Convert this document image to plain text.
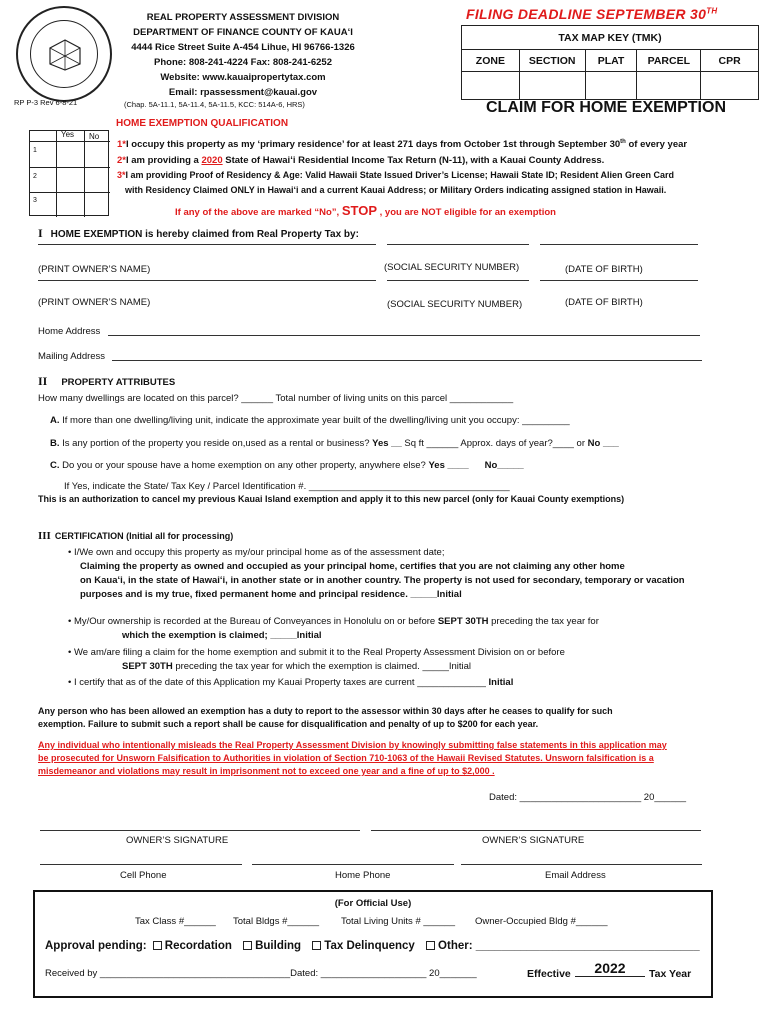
REAL PROPERTY ASSESSMENT DIVISION
DEPARTMENT OF FINANCE COUNTY OF KAUAʻI
4444 Rice Street Suite A-454 Lihue, HI 96766-1326
Phone: 808-241-4224 Fax: 808-241-6252
Website: www.kauaipropertytax.com
Email: rpassessment@kauai.gov
RP P-3 Rev 6-8-21	(Chap. 5A-11.1, 5A-11.4, 5A-11.5, KCC: 514A-6, HRS)
FILING DEADLINE SEPTEMBER 30TH
TAX MAP KEY (TMK)				
ZONE	SECTION	PLAT	PARCEL	CPR

CLAIM FOR HOME EXEMPTION
HOME EXEMPTION QUALIFICATION
Yes No
1
2
3
1*I occupy this property as my ‘primary residence’ for at least 271 days from October 1st through September 30th of every year
2*I am providing a 2020 State of Hawaiʻi Residential Income Tax Return (N-11), with a Kauai County Address.
3*I am providing Proof of Residency & Age: Valid Hawaii State Issued Driver’s License; Hawaii State ID; Resident Alien Green Card
with Residency Claimed ONLY in Hawaiʻi and a current Kauai Address; or Military Orders indicating assigned station in Hawaii.
If any of the above are marked “No”, STOP , you are NOT eligible for an exemption
I HOME EXEMPTION is hereby claimed from Real Property Tax by:
(PRINT OWNER’S NAME)	(SOCIAL SECURITY NUMBER)	(DATE OF BIRTH)
(PRINT OWNER’S NAME)	(SOCIAL SECURITY NUMBER)	(DATE OF BIRTH)
Home Address
Mailing Address
II PROPERTY ATTRIBUTES
How many dwellings are located on this parcel? ______ Total number of living units on this parcel ____________
A. If more than one dwelling/living unit, indicate the approximate year built of the dwelling/living unit you occupy: _________
B. Is any portion of the property you reside on,used as a rental or business? Yes __ Sq ft ______ Approx. days of year?____ or No ___
C. Do you or your spouse have a home exemption on any other property, anywhere else? Yes ____ No_____
If Yes, indicate the State/ Tax Key / Parcel Identification #. ______________________________________
This is an authorization to cancel my previous Kauai Island exemption and apply it to this new parcel (only for Kauai County exemptions)
III CERTIFICATION (Initial all for processing)
• I/We own and occupy this property as my/our principal home as of the assessment date;
Claiming the property as owned and occupied as your principal home, certifies that you are not claiming any other home
on Kauaʻi, in the state of Hawaiʻi, in another state or in another country. The property is not used for secondary, temporary or vacation
purposes and is my true, fixed permanent home and principal residence. _____Initial
• My/Our ownership is recorded at the Bureau of Conveyances in Honolulu on or before SEPT 30TH preceding the tax year for
which the exemption is claimed; _____Initial
• We am/are filing a claim for the home exemption and submit it to the Real Property Assessment Division on or before
SEPT 30TH preceding the tax year for which the exemption is claimed. _____Initial
• I certify that as of the date of this Application my Kauai Property taxes are current _____________ Initial
Any person who has been allowed an exemption has a duty to report to the assessor within 30 days after he ceases to qualify for such
exemption. Failure to submit such a report shall be cause for disqualification and penalty of up to $200 for each year.
Any individual who intentionally misleads the Real Property Assessment Division by knowingly submitting false statements in this application may
be prosecuted for Unsworn Falsification to Authorities in violation of Section 710-1063 of the Hawaii Revised Statutes. Unsworn falsification is a
misdemeanor and violations may result in imprisonment not to exceed one year and a fine of up to $2,000 .
Dated: _______________________ 20______
OWNER’S SIGNATURE	OWNER’S SIGNATURE
Cell Phone	Home Phone	Email Address
(For Official Use)
Tax Class #______ Total Bldgs #______ Total Living Units # ______ Owner-Occupied Bldg #______
Approval pending: Recordation Building Tax Delinquency Other: ___________________________________
Received by ____________________________________Dated: ____________________ 20_______	Effective	2022	Tax Year
